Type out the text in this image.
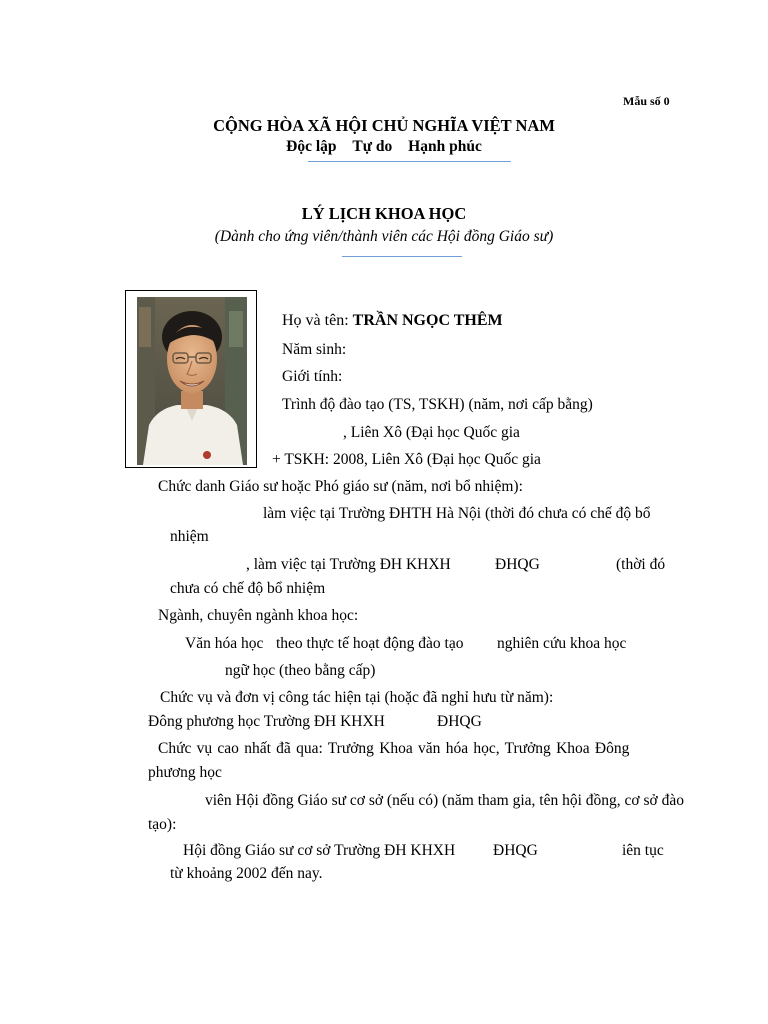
Mẫu số 0
CỘNG HÒA XÃ HỘI CHỦ NGHĨA VIỆT NAM
Độc lập Tự do Hạnh phúc
LÝ LỊCH KHOA HỌC
(Dành cho ứng viên/thành viên các Hội đồng Giáo sư)
Họ và tên: TRẦN NGỌC THÊM
Năm sinh:
Giới tính:
Trình độ đào tạo (TS, TSKH) (năm, nơi cấp bằng)
, Liên Xô (Đại học Quốc gia
+ TSKH: 2008, Liên Xô (Đại học Quốc gia
Chức danh Giáo sư hoặc Phó giáo sư (năm, nơi bổ nhiệm):
làm việc tại Trường ĐHTH Hà Nội (thời đó chưa có chế độ bổ
nhiệm
, làm việc tại Trường ĐH KHXH	ĐHQG	(thời đó
chưa có chế độ bổ nhiệm
Ngành, chuyên ngành khoa học:
Văn hóa học theo thực tế hoạt động đào tạo nghiên cứu khoa học
ngữ học (theo bằng cấp)
Chức vụ và đơn vị công tác hiện tại (hoặc đã nghỉ hưu từ năm):
Đông phương học Trường ĐH KHXH	ĐHQG
Chức vụ cao nhất đã qua: Trưởng Khoa văn hóa học, Trưởng Khoa Đông
phương học
viên Hội đồng Giáo sư cơ sở (nếu có) (năm tham gia, tên hội đồng, cơ sở đào
tạo):
Hội đồng Giáo sư cơ sở Trường ĐH KHXH ĐHQG	iên tục
từ khoảng 2002 đến nay.
